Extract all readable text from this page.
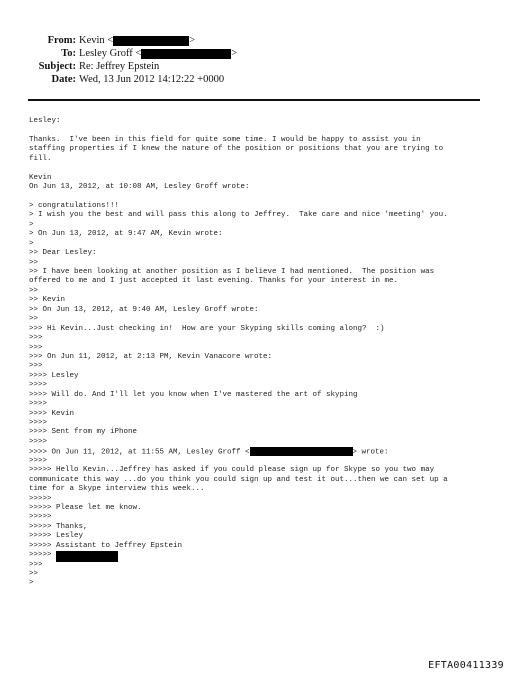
From: Kevin <	>
To: Lesley Groff <	>
Subject: Re: Jeffrey Epstein
Date: Wed, 13 Jun 2012 14:12:22 +0000
Lesley:
Thanks.  I've been in this field for quite some time. I would be happy to assist you in
staffing properties if I knew the nature of the position or positions that you are trying to
fill.
Kevin
On Jun 13, 2012, at 10:08 AM, Lesley Groff wrote:
> congratulations!!!
> I wish you the best and will pass this along to Jeffrey.  Take care and nice 'meeting' you.
>
> On Jun 13, 2012, at 9:47 AM, Kevin wrote:
>
>> Dear Lesley:
>>
>> I have been looking at another position as I believe I had mentioned.  The position was
offered to me and I just accepted it last evening. Thanks for your interest in me.
>>
>> Kevin
>> On Jun 13, 2012, at 9:40 AM, Lesley Groff wrote:
>>
>>> Hi Kevin...Just checking in!  How are your Skyping skills coming along?  :)
>>>
>>>
>>> On Jun 11, 2012, at 2:13 PM, Kevin Vanacore wrote:
>>>
>>>> Lesley
>>>>
>>>> Will do. And I'll let you know when I've mastered the art of skyping
>>>>
>>>> Kevin
>>>>
>>>> Sent from my iPhone
>>>>
>>>> On Jun 11, 2012, at 11:55 AM, Lesley Groff <	> wrote:
>>>>
>>>>> Hello Kevin...Jeffrey has asked if you could please sign up for Skype so you two may
communicate this way ...do you think you could sign up and test it out...then we can set up a
time for a Skype interview this week...
>>>>>
>>>>> Please let me know.
>>>>>
>>>>> Thanks,
>>>>> Lesley
>>>>> Assistant to Jeffrey Epstein
>>>>>
>>>
>>
>
EFTA00411339
